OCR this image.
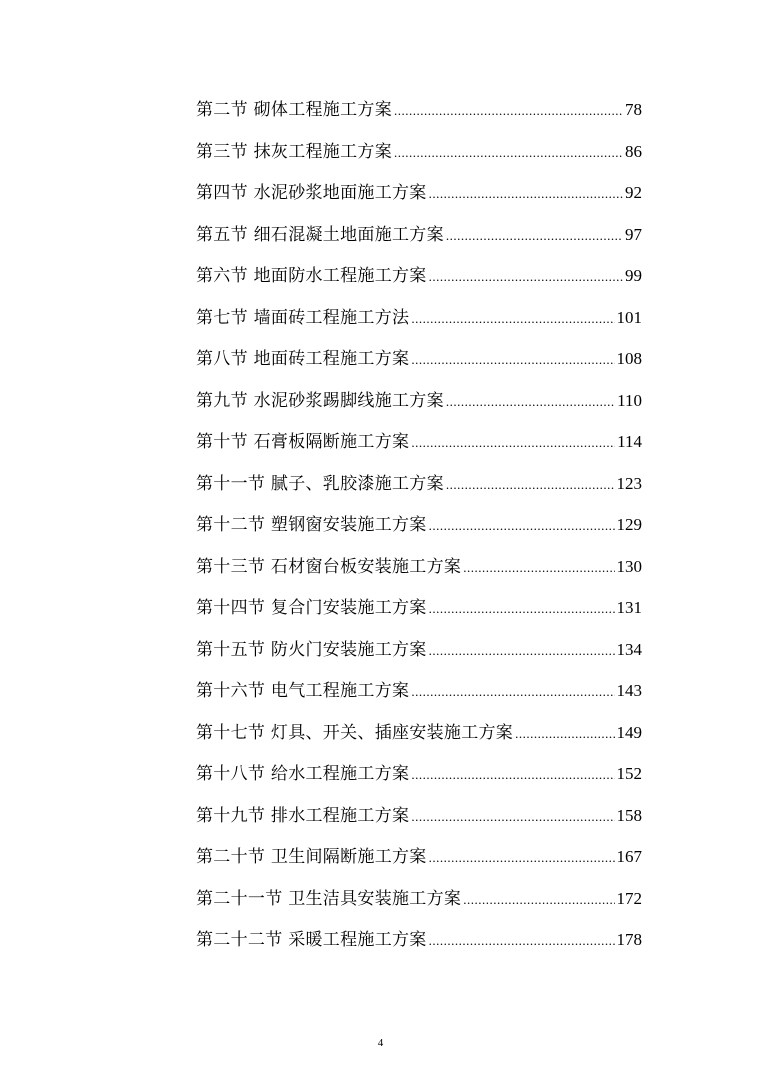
第二节 砌体工程施工方案 .....	78
第三节 抹灰工程施工方案 .....	86
第四节 水泥砂浆地面施工方案 .....	92
第五节 细石混凝土地面施工方案 .....	97
第六节 地面防水工程施工方案 .....	99
第七节 墙面砖工程施工方法 .....	101
第八节 地面砖工程施工方案 .....	108
第九节 水泥砂浆踢脚线施工方案 .....	110
第十节 石膏板隔断施工方案 .....	114
第十一节 腻子、乳胶漆施工方案 .....	123
第十二节 塑钢窗安装施工方案 .....	129
第十三节 石材窗台板安装施工方案 .....	130
第十四节 复合门安装施工方案 .....	131
第十五节 防火门安装施工方案 .....	134
第十六节 电气工程施工方案 .....	143
第十七节 灯具、开关、插座安装施工方案 .....	149
第十八节 给水工程施工方案 .....	152
第十九节 排水工程施工方案 .....	158
第二十节 卫生间隔断施工方案 .....	167
第二十一节 卫生洁具安装施工方案 .....	172
第二十二节 采暖工程施工方案 .....	178
4
